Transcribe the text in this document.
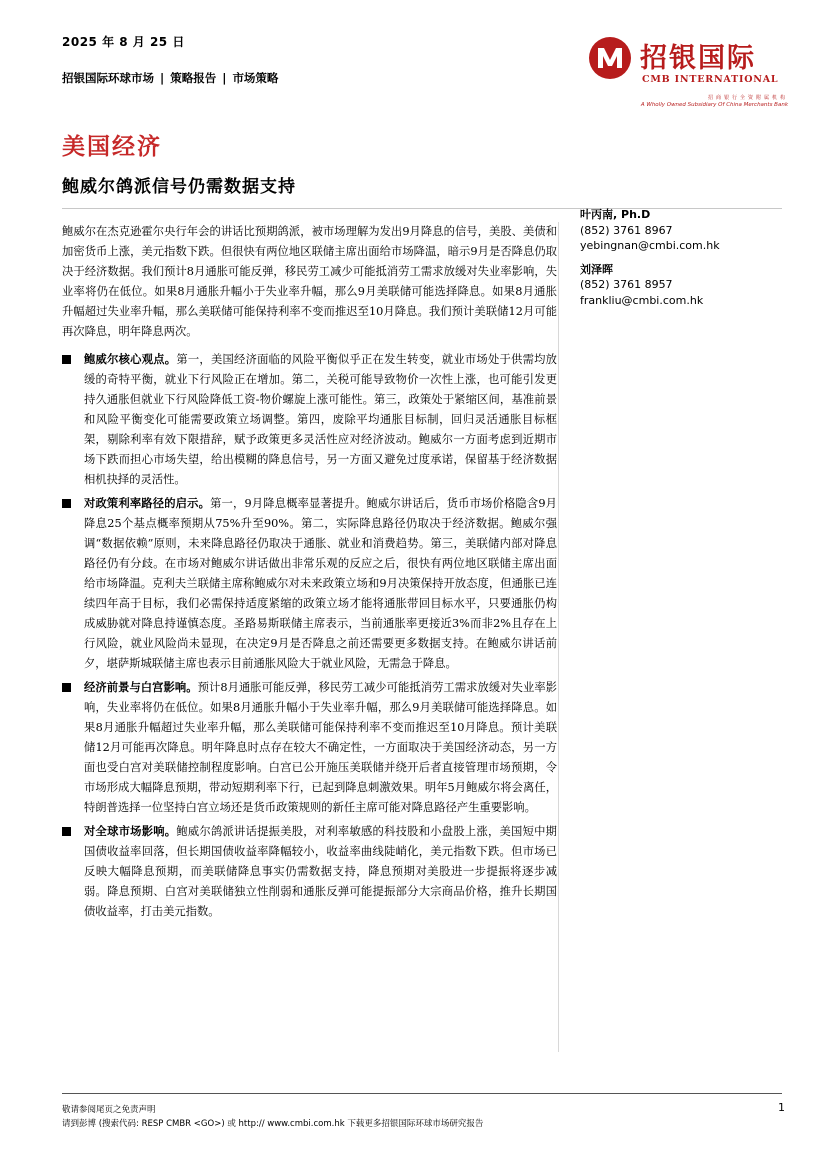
2025 年 8 月 25 日
招银国际环球市场 | 策略报告 | 市场策略
招银国际
CMB INTERNATIONAL
招商银行全资附属机构
A Wholly Owned Subsidiary Of China Merchants Bank
美国经济
鲍威尔鸽派信号仍需数据支持

鲍威尔在杰克逊霍尔央行年会的讲话比预期鸽派，被市场理解为发出9月降息的信号，美股、美债和加密货币上涨，美元指数下跌。但很快有两位地区联储主席出面给市场降温，暗示9月是否降息仍取决于经济数据。我们预计8月通胀可能反弹，移民劳工减少可能抵消劳工需求放缓对失业率影响，失业率将仍在低位。如果8月通胀升幅小于失业率升幅，那么9月美联储可能选择降息。如果8月通胀升幅超过失业率升幅，那么美联储可能保持利率不变而推迟至10月降息。我们预计美联储12月可能再次降息，明年降息两次。

鲍威尔核心观点。第一，美国经济面临的风险平衡似乎正在发生转变，就业市场处于供需均放缓的奇特平衡，就业下行风险正在增加。第二，关税可能导致物价一次性上涨，也可能引发更持久通胀但就业下行风险降低工资-物价螺旋上涨可能性。第三，政策处于紧缩区间，基准前景和风险平衡变化可能需要政策立场调整。第四，废除平均通胀目标制，回归灵活通胀目标框架，剔除利率有效下限措辞，赋予政策更多灵活性应对经济波动。鲍威尔一方面考虑到近期市场下跌而担心市场失望，给出模糊的降息信号，另一方面又避免过度承诺，保留基于经济数据相机抉择的灵活性。
对政策利率路径的启示。第一，9月降息概率显著提升。鲍威尔讲话后，货币市场价格隐含9月降息25个基点概率预期从75%升至90%。第二，实际降息路径仍取决于经济数据。鲍威尔强调“数据依赖”原则，未来降息路径仍取决于通胀、就业和消费趋势。第三，美联储内部对降息路径仍有分歧。在市场对鲍威尔讲话做出非常乐观的反应之后，很快有两位地区联储主席出面给市场降温。克利夫兰联储主席称鲍威尔对未来政策立场和9月决策保持开放态度，但通胀已连续四年高于目标，我们必需保持适度紧缩的政策立场才能将通胀带回目标水平，只要通胀仍构成威胁就对降息持谨慎态度。圣路易斯联储主席表示，当前通胀率更接近3%而非2%且存在上行风险，就业风险尚未显现，在决定9月是否降息之前还需要更多数据支持。在鲍威尔讲话前夕，堪萨斯城联储主席也表示目前通胀风险大于就业风险，无需急于降息。
经济前景与白宫影响。预计8月通胀可能反弹，移民劳工减少可能抵消劳工需求放缓对失业率影响，失业率将仍在低位。如果8月通胀升幅小于失业率升幅，那么9月美联储可能选择降息。如果8月通胀升幅超过失业率升幅，那么美联储可能保持利率不变而推迟至10月降息。预计美联储12月可能再次降息。明年降息时点存在较大不确定性，一方面取决于美国经济动态，另一方面也受白宫对美联储控制程度影响。白宫已公开施压美联储并绕开后者直接管理市场预期，令市场形成大幅降息预期，带动短期利率下行，已起到降息刺激效果。明年5月鲍威尔将会离任，特朗普选择一位坚持白宫立场还是货币政策规则的新任主席可能对降息路径产生重要影响。
对全球市场影响。鲍威尔鸽派讲话提振美股，对利率敏感的科技股和小盘股上涨，美国短中期国债收益率回落，但长期国债收益率降幅较小，收益率曲线陡峭化，美元指数下跌。但市场已反映大幅降息预期，而美联储降息事实仍需数据支持，降息预期对美股进一步提振将逐步减弱。降息预期、白宫对美联储独立性削弱和通胀反弹可能提振部分大宗商品价格，推升长期国债收益率，打击美元指数。
叶丙南, Ph.D
(852) 3761 8967
yebingnan@cmbi.com.hk
刘泽晖
(852) 3761 8957
frankliu@cmbi.com.hk
敬请参阅尾页之免责声明
请到彭博 (搜索代码: RESP CMBR <GO>) 或 http:// www.cmbi.com.hk 下载更多招银国际环球市场研究报告
1
